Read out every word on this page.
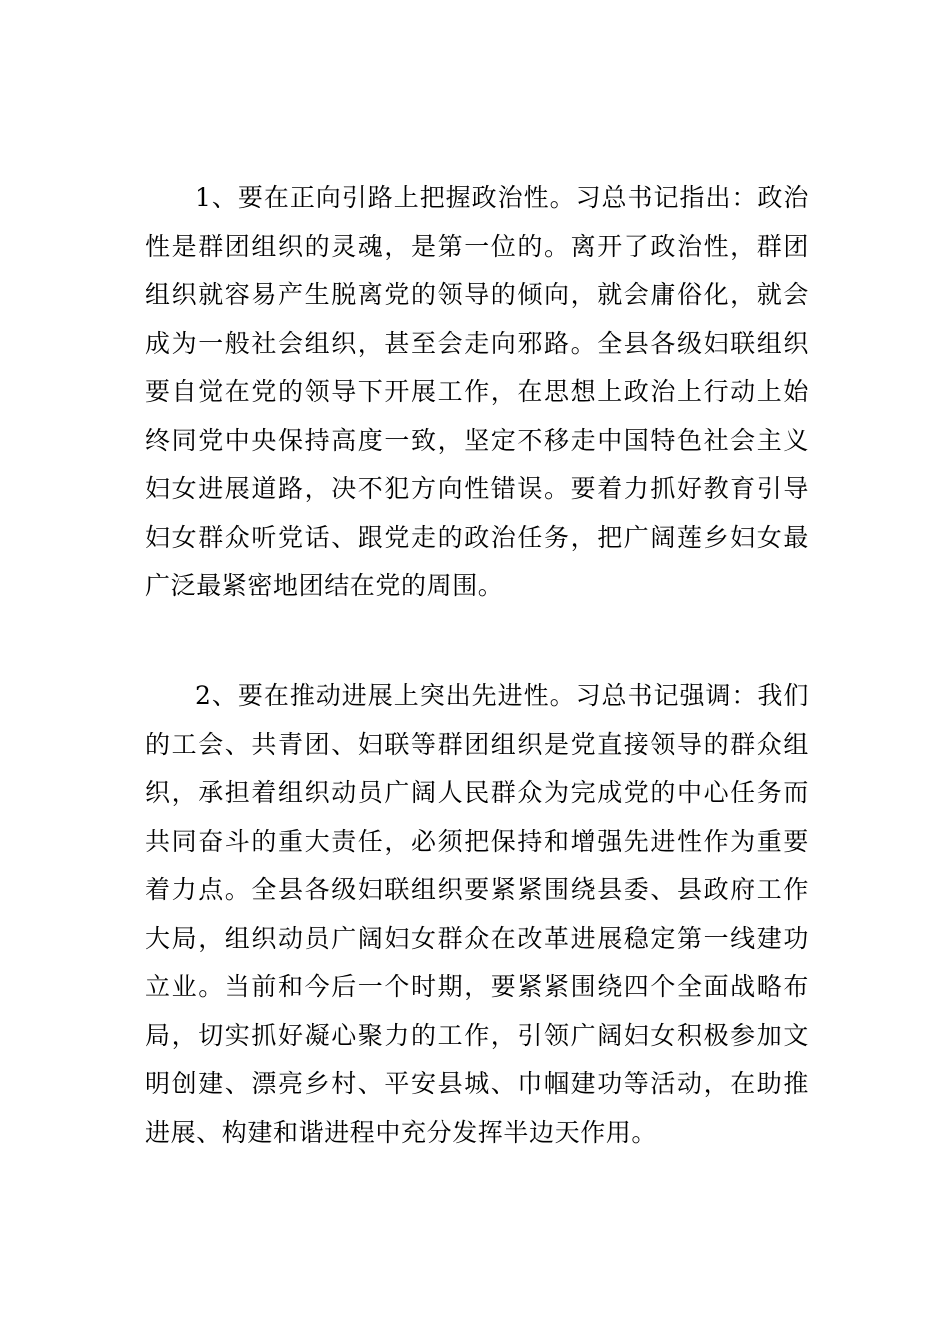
1、要在正向引路上把握政治性。习总书记指出：政治性是群团组织的灵魂，是第一位的。离开了政治性，群团组织就容易产生脱离党的领导的倾向，就会庸俗化，就会成为一般社会组织，甚至会走向邪路。全县各级妇联组织要自觉在党的领导下开展工作，在思想上政治上行动上始终同党中央保持高度一致，坚定不移走中国特色社会主义妇女进展道路，决不犯方向性错误。要着力抓好教育引导妇女群众听党话、跟党走的政治任务，把广阔莲乡妇女最广泛最紧密地团结在党的周围。

2、要在推动进展上突出先进性。习总书记强调：我们的工会、共青团、妇联等群团组织是党直接领导的群众组织，承担着组织动员广阔人民群众为完成党的中心任务而共同奋斗的重大责任，必须把保持和增强先进性作为重要着力点。全县各级妇联组织要紧紧围绕县委、县政府工作大局，组织动员广阔妇女群众在改革进展稳定第一线建功立业。当前和今后一个时期，要紧紧围绕四个全面战略布局，切实抓好凝心聚力的工作，引领广阔妇女积极参加文明创建、漂亮乡村、平安县城、巾帼建功等活动，在助推进展、构建和谐进程中充分发挥半边天作用。
